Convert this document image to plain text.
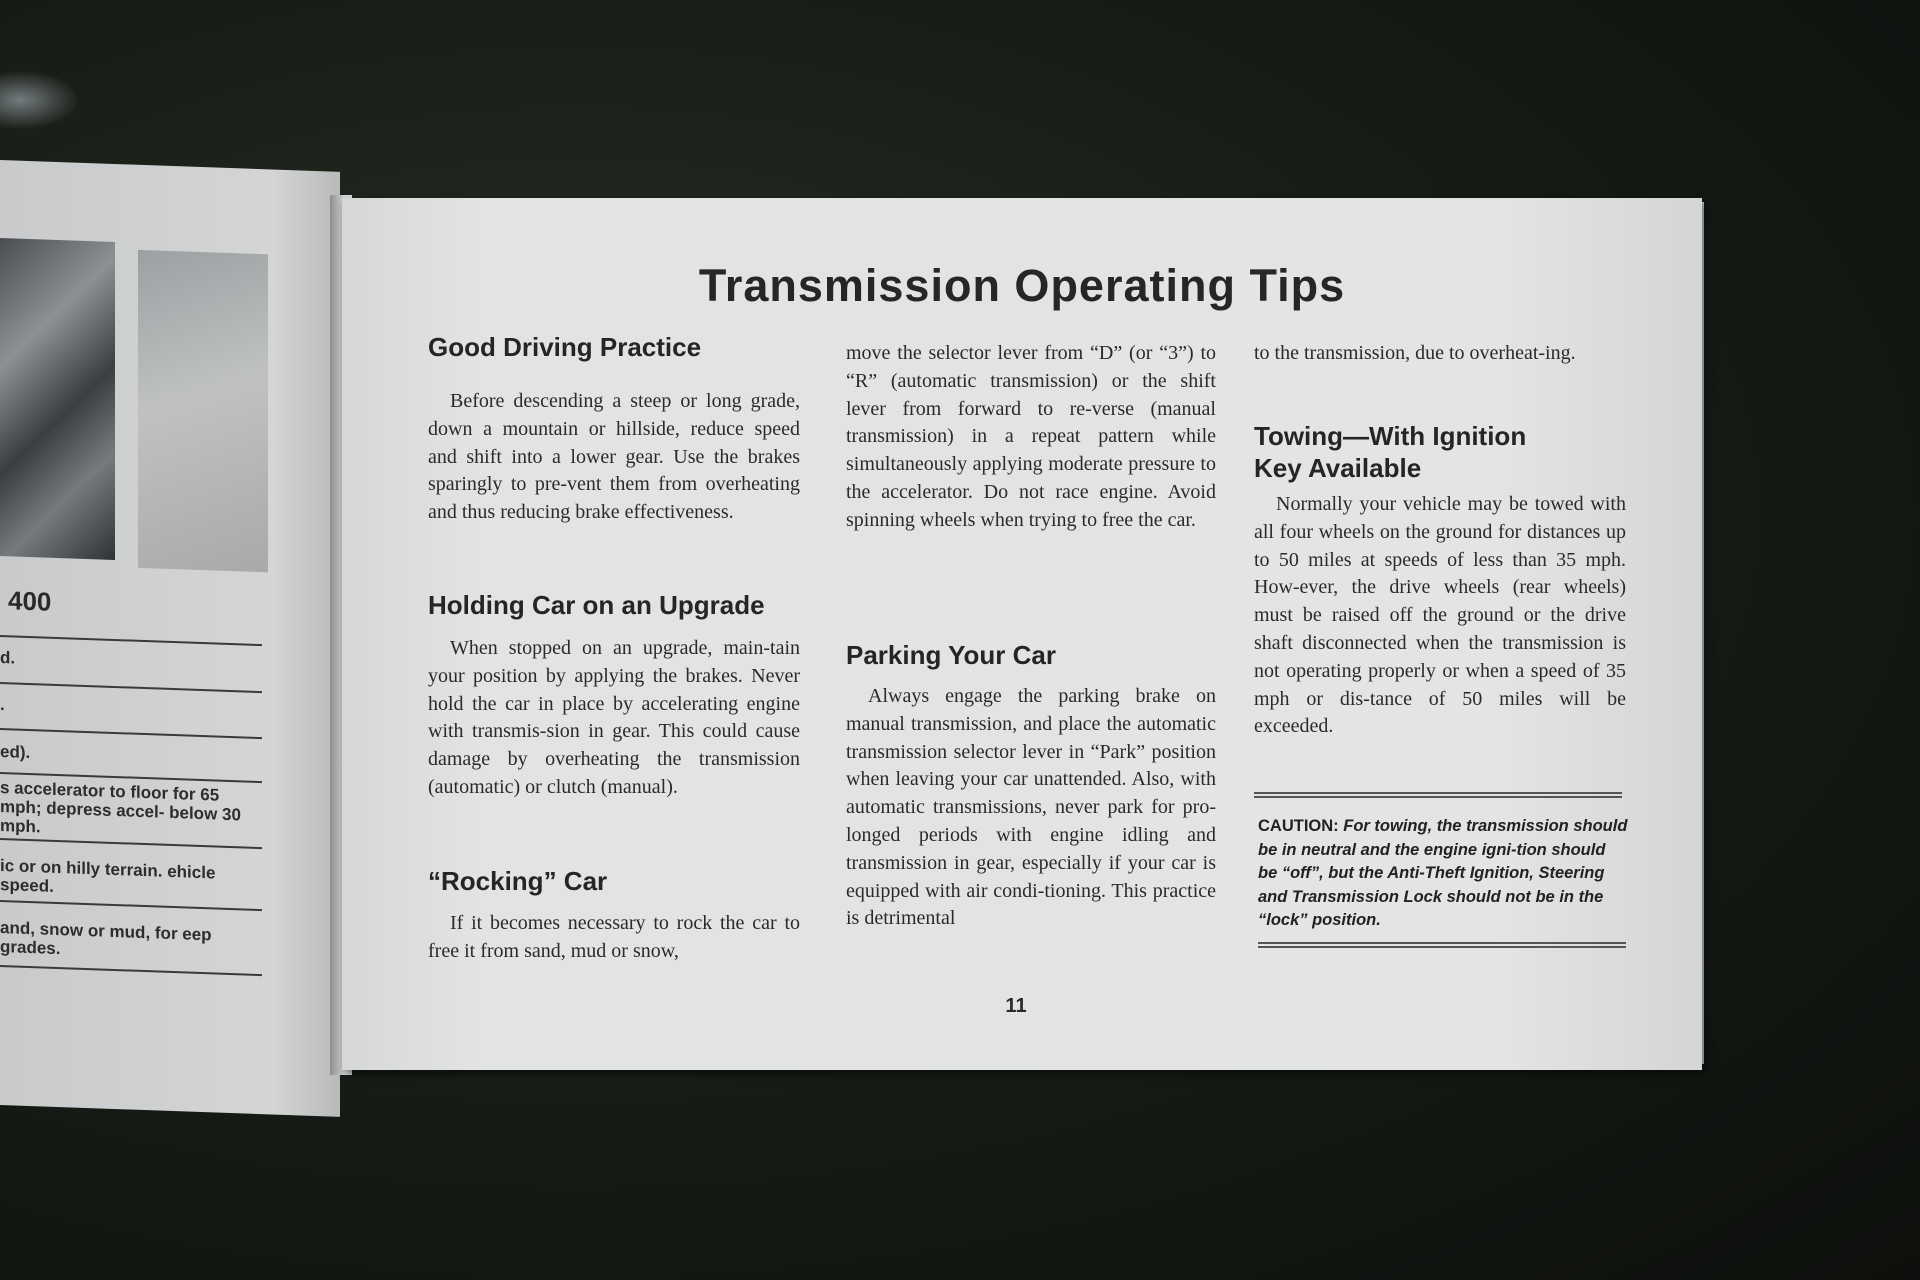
400
d.
.
ed).
s accelerator to floor for 65 mph; depress accel- below 30 mph.
ic or on hilly terrain. ehicle speed.
and, snow or mud, for eep grades.
Transmission Operating Tips
Good Driving Practice
Before descending a steep or long grade, down a mountain or hillside, reduce speed and shift into a lower gear. Use the brakes sparingly to pre-vent them from overheating and thus reducing brake effectiveness.
Holding Car on an Upgrade
When stopped on an upgrade, main-tain your position by applying the brakes. Never hold the car in place by accelerating engine with transmis-sion in gear. This could cause damage by overheating the transmission (automatic) or clutch (manual).
“Rocking” Car
If it becomes necessary to rock the car to free it from sand, mud or snow,
move the selector lever from “D” (or “3”) to “R” (automatic transmission) or the shift lever from forward to re-verse (manual transmission) in a repeat pattern while simultaneously applying moderate pressure to the accelerator. Do not race engine. Avoid spinning wheels when trying to free the car.
Parking Your Car
Always engage the parking brake on manual transmission, and place the automatic transmission selector lever in “Park” position when leaving your car unattended. Also, with automatic transmissions, never park for pro-longed periods with engine idling and transmission in gear, especially if your car is equipped with air condi-tioning. This practice is detrimental
to the transmission, due to overheat-ing.
Towing—With Ignition
Key Available
Normally your vehicle may be towed with all four wheels on the ground for distances up to 50 miles at speeds of less than 35 mph. How-ever, the drive wheels (rear wheels) must be raised off the ground or the drive shaft disconnected when the transmission is not operating properly or when a speed of 35 mph or dis-tance of 50 miles will be exceeded.
CAUTION: For towing, the transmission should be in neutral and the engine igni-tion should be “off”, but the Anti-Theft Ignition, Steering and Transmission Lock should not be in the “lock” position.
11
